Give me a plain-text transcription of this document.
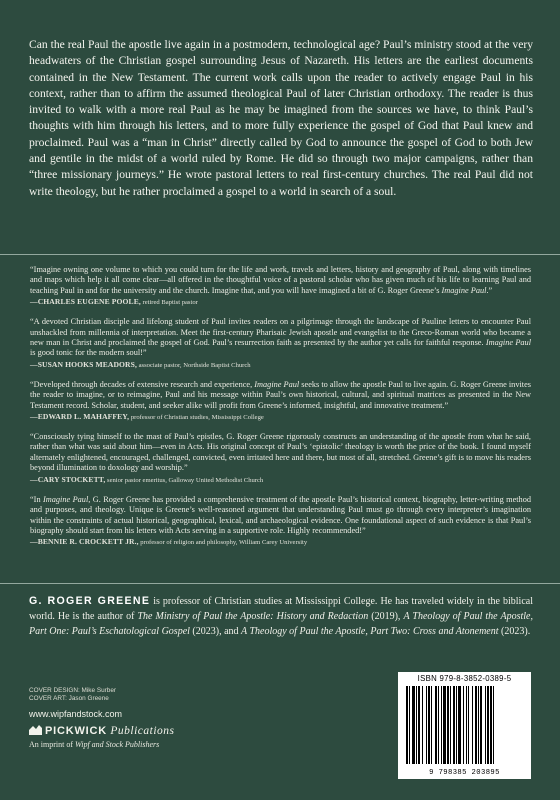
Can the real Paul the apostle live again in a postmodern, technological age? Paul’s ministry stood at the very headwaters of the Christian gospel surrounding Jesus of Nazareth. His letters are the earliest documents contained in the New Testament. The current work calls upon the reader to actively engage Paul in his context, rather than to affirm the assumed theological Paul of later Christian orthodoxy. The reader is thus invited to walk with a more real Paul as he may be imagined from the sources we have, to think Paul’s thoughts with him through his letters, and to more fully experience the gospel of God that Paul knew and proclaimed. Paul was a “man in Christ” directly called by God to announce the gospel of God to both Jew and gentile in the midst of a world ruled by Rome. He did so through two major campaigns, rather than “three missionary journeys.” He wrote pastoral letters to real first-century churches. The real Paul did not write theology, but he rather proclaimed a gospel to a world in search of a soul.

“Imagine owning one volume to which you could turn for the life and work, travels and letters, history and geography of Paul, along with timelines and maps which help it all come clear—all offered in the thoughtful voice of a pastoral scholar who has given much of his life to learning Paul and teaching Paul in and for the university and the church. Imagine that, and you will have imagined a bit of G. Roger Greene’s Imagine Paul.”
—CHARLES EUGENE POOLE, retired Baptist pastor
“A devoted Christian disciple and lifelong student of Paul invites readers on a pilgrimage through the landscape of Pauline letters to encounter Paul unshackled from millennia of interpretation. Meet the first-century Pharisaic Jewish apostle and evangelist to the Greco-Roman world who became a new man in Christ and proclaimed the gospel of God. Paul’s resurrection faith as presented by the author yet calls for faithful response. Imagine Paul is good tonic for the modern soul!”
—SUSAN HOOKS MEADORS, associate pastor, Northside Baptist Church
“Developed through decades of extensive research and experience, Imagine Paul seeks to allow the apostle Paul to live again. G. Roger Greene invites the reader to imagine, or to reimagine, Paul and his message within Paul’s own historical, cultural, and spiritual matrices as presented in the New Testament record. Scholar, student, and seeker alike will profit from Greene’s informed, insightful, and innovative treatment.”
—EDWARD L. MAHAFFEY, professor of Christian studies, Mississippi College
“Consciously tying himself to the mast of Paul’s epistles, G. Roger Greene rigorously constructs an understanding of the apostle from what he said, rather than what was said about him—even in Acts. His original concept of Paul’s ‘epistolic’ theology is worth the price of the book. I found myself alternately enlightened, encouraged, challenged, convicted, even irritated here and there, but most of all, stretched. Greene’s gift is to move his readers beyond illumination to doxology and worship.”
—CARY STOCKETT, senior pastor emeritus, Galloway United Methodist Church
“In Imagine Paul, G. Roger Greene has provided a comprehensive treatment of the apostle Paul’s historical context, biography, letter-writing method and purposes, and theology. Unique is Greene’s well-reasoned argument that understanding Paul must go through every interpreter’s imagination within the constraints of actual historical, geographical, lexical, and archaeological evidence. One foundational aspect of such evidence is that Paul’s biography should start from his letters with Acts serving in a supportive role. Highly recommended!”
—BENNIE R. CROCKETT JR., professor of religion and philosophy, William Carey University

G. ROGER GREENE is professor of Christian studies at Mississippi College. He has traveled widely in the biblical world. He is the author of The Ministry of Paul the Apostle: History and Redaction (2019), A Theology of Paul the Apostle, Part One: Paul’s Eschatological Gospel (2023), and A Theology of Paul the Apostle, Part Two: Cross and Atonement (2023).

COVER DESIGN: Mike Surber
COVER ART: Jason Greene
www.wipfandstock.com
PICKWICK Publications
An imprint of Wipf and Stock Publishers
ISBN 979-8-3852-0389-5
9 798385 203895
